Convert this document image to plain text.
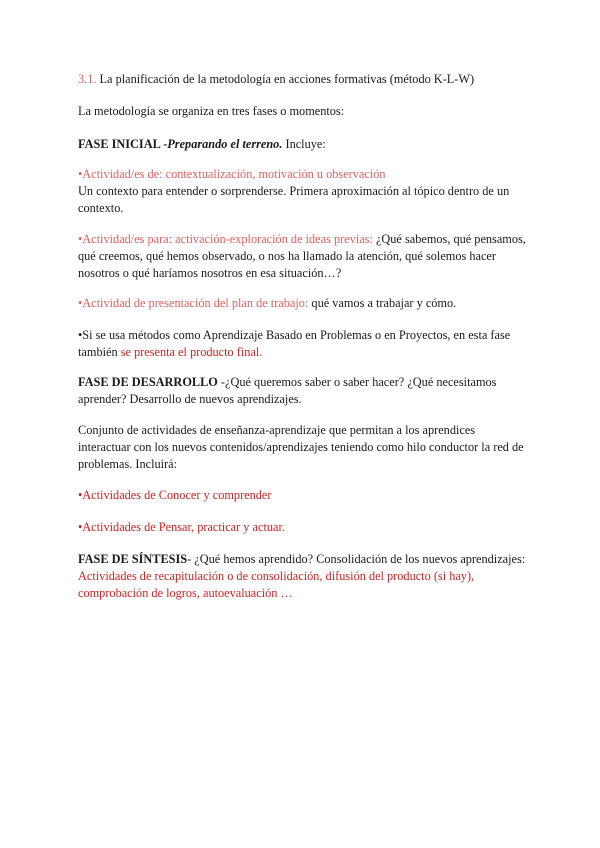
3.1. La planificación de la metodología en acciones formativas (método K-L-W)

La metodología se organiza en tres fases o momentos:

FASE INICIAL -Preparando el terreno. Incluye:

•Actividad/es de: contextualización, motivación u observación
Un contexto para entender o sorprenderse. Primera aproximación al tópico dentro de un contexto.

•Actividad/es para: activación-exploración de ideas previas: ¿Qué sabemos, qué pensamos, qué creemos, qué hemos observado, o nos ha llamado la atención, qué solemos hacer nosotros o qué haríamos nosotros en esa situación…?

•Actividad de presentación del plan de trabajo: qué vamos a trabajar y cómo.

•Si se usa métodos como Aprendizaje Basado en Problemas o en Proyectos, en esta fase también se presenta el producto final.

FASE DE DESARROLLO -¿Qué queremos saber o saber hacer? ¿Qué necesitamos aprender? Desarrollo de nuevos aprendizajes.

Conjunto de actividades de enseñanza-aprendizaje que permitan a los aprendices interactuar con los nuevos contenidos/aprendizajes teniendo como hilo conductor la red de problemas. Incluirá:

•Actividades de Conocer y comprender

•Actividades de Pensar, practicar y actuar.

FASE DE SÍNTESIS- ¿Qué hemos aprendido? Consolidación de los nuevos aprendizajes: Actividades de recapitulación o de consolidación, difusión del producto (si hay), comprobación de logros, autoevaluación …
